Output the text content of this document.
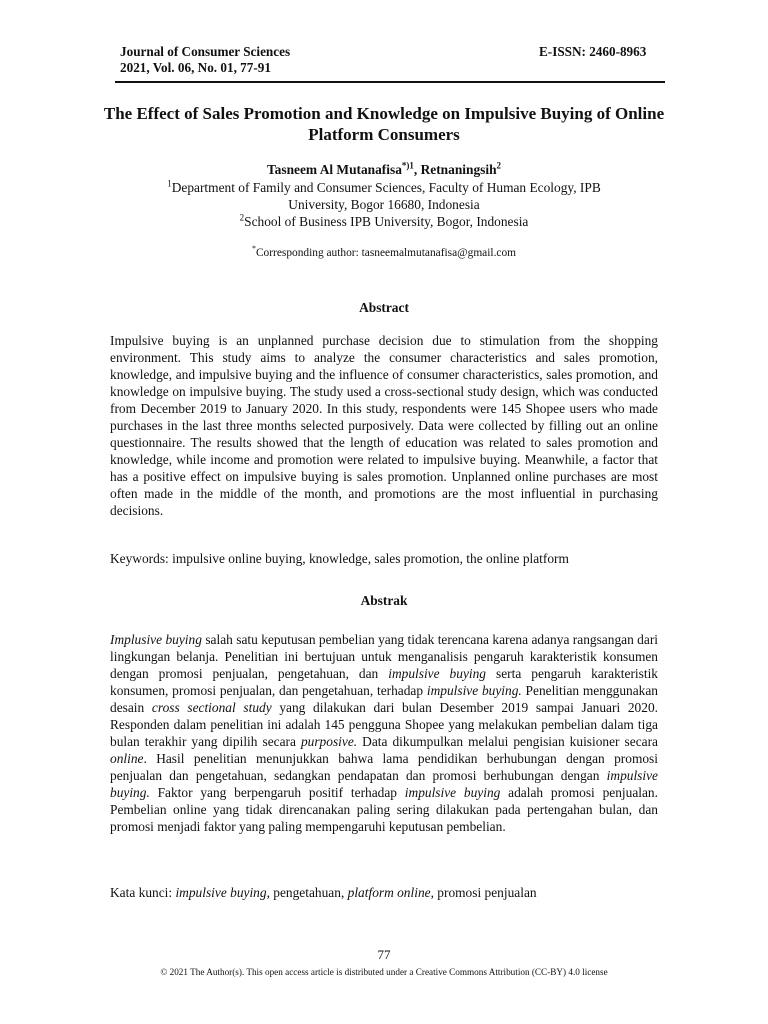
Journal of Consumer Sciences
2021, Vol. 06, No. 01, 77-91
E-ISSN: 2460-8963
The Effect of Sales Promotion and Knowledge on Impulsive Buying of Online Platform Consumers
Tasneem Al Mutanafisa$^{*)1}$, Retnaningsih$^2$
$^1$Department of Family and Consumer Sciences, Faculty of Human Ecology, IPB
University, Bogor 16680, Indonesia
$^2$School of Business IPB University, Bogor, Indonesia
*Corresponding author: tasneemalmutanafisa@gmail.com
Abstract
Impulsive buying is an unplanned purchase decision due to stimulation from the shopping environment. This study aims to analyze the consumer characteristics and sales promotion, knowledge, and impulsive buying and the influence of consumer characteristics, sales promotion, and knowledge on impulsive buying. The study used a cross-sectional study design, which was conducted from December 2019 to January 2020. In this study, respondents were 145 Shopee users who made purchases in the last three months selected purposively. Data were collected by filling out an online questionnaire. The results showed that the length of education was related to sales promotion and knowledge, while income and promotion were related to impulsive buying. Meanwhile, a factor that has a positive effect on impulsive buying is sales promotion. Unplanned online purchases are most often made in the middle of the month, and promotions are the most influential in purchasing decisions.
Keywords: impulsive online buying, knowledge, sales promotion, the online platform
Abstrak
Implusive buying salah satu keputusan pembelian yang tidak terencana karena adanya rangsangan dari lingkungan belanja. Penelitian ini bertujuan untuk menganalisis pengaruh karakteristik konsumen dengan promosi penjualan, pengetahuan, dan impulsive buying serta pengaruh karakteristik konsumen, promosi penjualan, dan pengetahuan, terhadap impulsive buying. Penelitian menggunakan desain cross sectional study yang dilakukan dari bulan Desember 2019 sampai Januari 2020. Responden dalam penelitian ini adalah 145 pengguna Shopee yang melakukan pembelian dalam tiga bulan terakhir yang dipilih secara purposive. Data dikumpulkan melalui pengisian kuisioner secara online. Hasil penelitian menunjukkan bahwa lama pendidikan berhubungan dengan promosi penjualan dan pengetahuan, sedangkan pendapatan dan promosi berhubungan dengan impulsive buying. Faktor yang berpengaruh positif terhadap impulsive buying adalah promosi penjualan. Pembelian online yang tidak direncanakan paling sering dilakukan pada pertengahan bulan, dan promosi menjadi faktor yang paling mempengaruhi keputusan pembelian.
Kata kunci: impulsive buying, pengetahuan, platform online, promosi penjualan
77
© 2021 The Author(s). This open access article is distributed under a Creative Commons Attribution (CC-BY) 4.0 license
